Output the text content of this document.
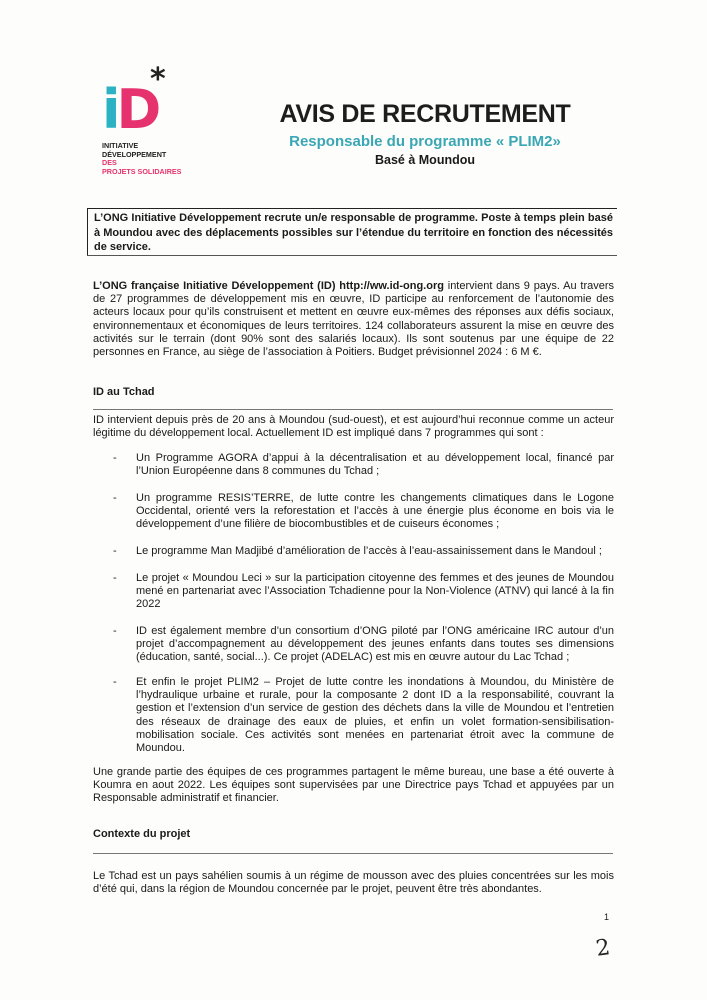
iD
*
INITIATIVE
DÉVELOPPEMENT
DES
PROJETS SOLIDAIRES
AVIS DE RECRUTEMENT
Responsable du programme « PLIM2»
Basé à Moundou
L’ONG Initiative Développement recrute un/e responsable de programme. Poste à temps plein basé à Moundou avec des déplacements possibles sur l’étendue du territoire en fonction des nécessités de service.
L’ONG française Initiative Développement (ID) http://ww.id-ong.org intervient dans 9 pays. Au travers de 27 programmes de développement mis en œuvre, ID participe au renforcement de l’autonomie des acteurs locaux pour qu’ils construisent et mettent en œuvre eux-mêmes des réponses aux défis sociaux, environnementaux et économiques de leurs territoires. 124 collaborateurs assurent la mise en œuvre des activités sur le terrain (dont 90% sont des salariés locaux). Ils sont soutenus par une équipe de 22 personnes en France, au siège de l’association à Poitiers. Budget prévisionnel 2024 : 6 M €.
ID au Tchad
ID intervient depuis près de 20 ans à Moundou (sud-ouest), et est aujourd’hui reconnue comme un acteur légitime du développement local. Actuellement ID est impliqué dans 7 programmes qui sont :
- Un Programme AGORA d’appui à la décentralisation et au développement local, financé par l’Union Européenne dans 8 communes du Tchad ;
- Un programme RESIS’TERRE, de lutte contre les changements climatiques dans le Logone Occidental, orienté vers la reforestation et l’accès à une énergie plus économe en bois via le développement d’une filière de biocombustibles et de cuiseurs économes ;
- Le programme Man Madjibé d’amélioration de l’accès à l’eau-assainissement dans le Mandoul ;
- Le projet « Moundou Leci » sur la participation citoyenne des femmes et des jeunes de Moundou mené en partenariat avec l’Association Tchadienne pour la Non-Violence (ATNV) qui lancé à la fin 2022
- ID est également membre d’un consortium d’ONG piloté par l’ONG américaine IRC autour d’un projet d’accompagnement au développement des jeunes enfants dans toutes ses dimensions (éducation, santé, social...). Ce projet (ADELAC) est mis en œuvre autour du Lac Tchad ;
- Et enfin le projet PLIM2 – Projet de lutte contre les inondations à Moundou, du Ministère de l’hydraulique urbaine et rurale, pour la composante 2 dont ID a la responsabilité, couvrant la gestion et l’extension d’un service de gestion des déchets dans la ville de Moundou et l’entretien des réseaux de drainage des eaux de pluies, et enfin un volet formation-sensibilisation-mobilisation sociale. Ces activités sont menées en partenariat étroit avec la commune de Moundou.
Une grande partie des équipes de ces programmes partagent le même bureau, une base a été ouverte à Koumra en aout 2022. Les équipes sont supervisées par une Directrice pays Tchad et appuyées par un Responsable administratif et financier.
Contexte du projet
Le Tchad est un pays sahélien soumis à un régime de mousson avec des pluies concentrées sur les mois d’été qui, dans la région de Moundou concernée par le projet, peuvent être très abondantes.
1
2
